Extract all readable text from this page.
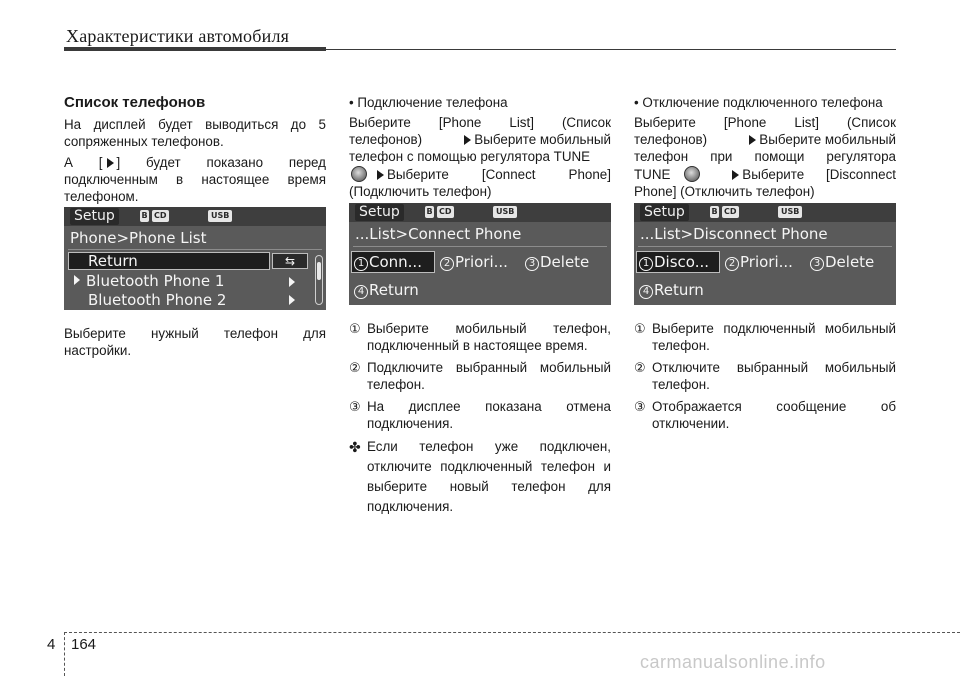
Характеристики автомобиля
Список телефонов
На дисплей будет выводиться до 5 сопряженных телефонов.
А [ ] будет показано перед подключенным в настоящее время телефоном.
Setup	B CD	USB
Phone>Phone List
Return	⇆
Bluetooth Phone 1
Bluetooth Phone 2
Выберите нужный телефон для настройки.
• Подключение телефона
Выберите [Phone List] (Список
телефонов)	Выберите мобильный
телефон с помощью регулятора TUNE
Выберите [Connect Phone]
(Подключить телефон)
Setup	B CD	USB
...List>Connect Phone
1 Conn...	2 Priori...	3 Delete
4 Return
① Выберите мобильный телефон, подключенный в настоящее время.
② Подключите выбранный мобильный телефон.
③ На дисплее показана отмена подключения.
✤ Если телефон уже подключен, отключите подключенный телефон и выберите новый телефон для подключения.
• Отключение подключенного телефона
Выберите [Phone List] (Список
телефонов)	Выберите мобильный
телефон при помощи регулятора
TUNE	Выберите [Disconnect
Phone] (Отключить телефон)
Setup	B CD	USB
...List>Disconnect Phone
1 Disco...	2 Priori...	3 Delete
4 Return
① Выберите подключенный мобильный телефон.
② Отключите выбранный мобильный телефон.
③ Отображается сообщение об отключении.
4 164
carmanualsonline.info
